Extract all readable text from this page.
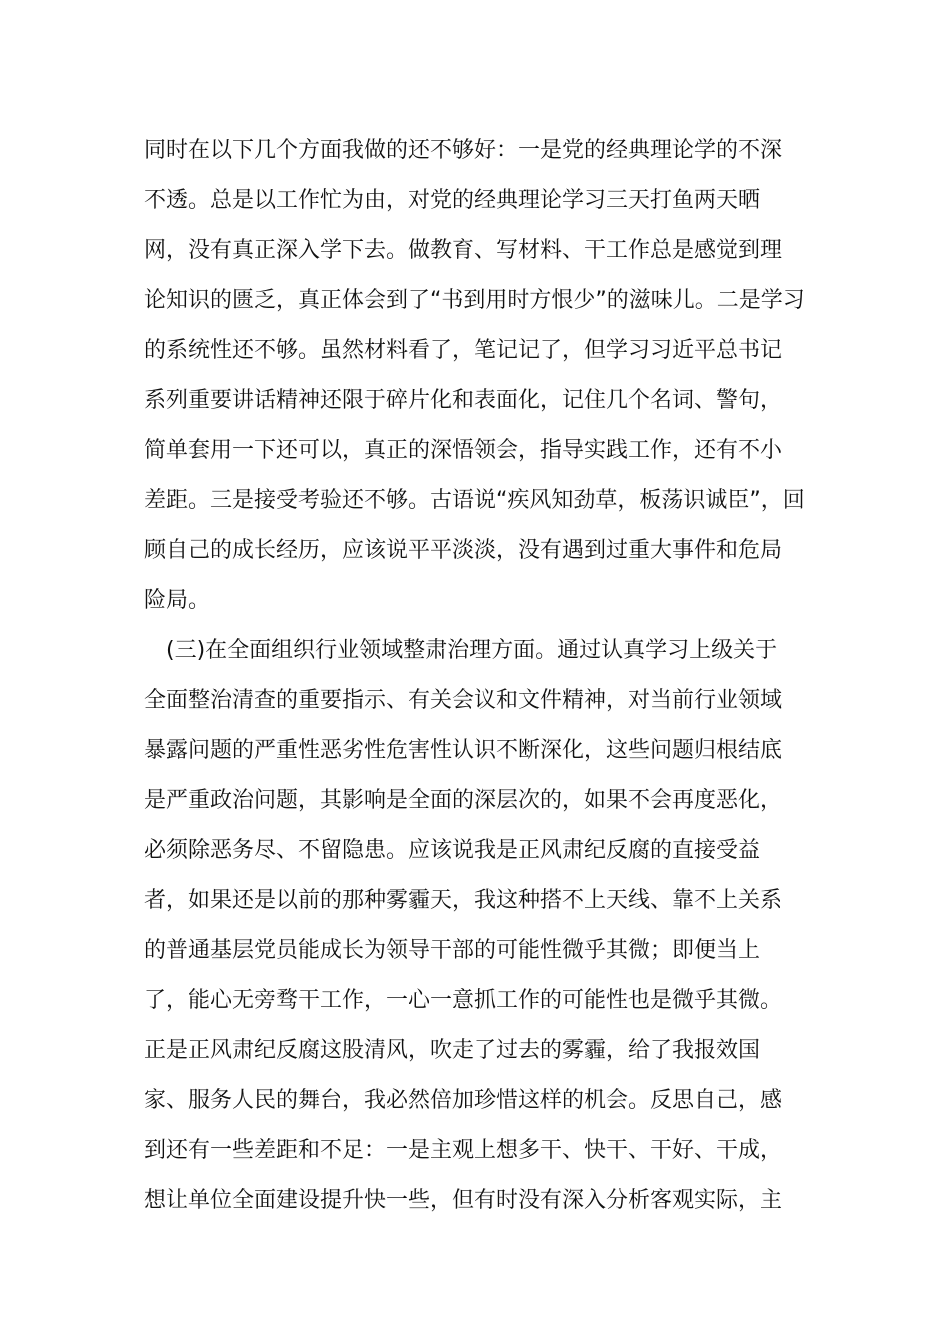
同时在以下几个方面我做的还不够好：一是党的经典理论学的不深
不透。总是以工作忙为由，对党的经典理论学习三天打鱼两天晒
网，没有真正深入学下去。做教育、写材料、干工作总是感觉到理
论知识的匮乏，真正体会到了“书到用时方恨少”的滋味儿。二是学习
的系统性还不够。虽然材料看了，笔记记了，但学习习近平总书记
系列重要讲话精神还限于碎片化和表面化，记住几个名词、警句，
简单套用一下还可以，真正的深悟领会，指导实践工作，还有不小
差距。三是接受考验还不够。古语说“疾风知劲草，板荡识诚臣”，回
顾自己的成长经历，应该说平平淡淡，没有遇到过重大事件和危局
险局。
(三)在全面组织行业领域整肃治理方面。通过认真学习上级关于
全面整治清查的重要指示、有关会议和文件精神，对当前行业领域
暴露问题的严重性恶劣性危害性认识不断深化，这些问题归根结底
是严重政治问题，其影响是全面的深层次的，如果不会再度恶化，
必须除恶务尽、不留隐患。应该说我是正风肃纪反腐的直接受益
者，如果还是以前的那种雾霾天，我这种搭不上天线、靠不上关系
的普通基层党员能成长为领导干部的可能性微乎其微；即便当上
了，能心无旁骛干工作，一心一意抓工作的可能性也是微乎其微。
正是正风肃纪反腐这股清风，吹走了过去的雾霾，给了我报效国
家、服务人民的舞台，我必然倍加珍惜这样的机会。反思自己，感
到还有一些差距和不足：一是主观上想多干、快干、干好、干成，
想让单位全面建设提升快一些，但有时没有深入分析客观实际，主
